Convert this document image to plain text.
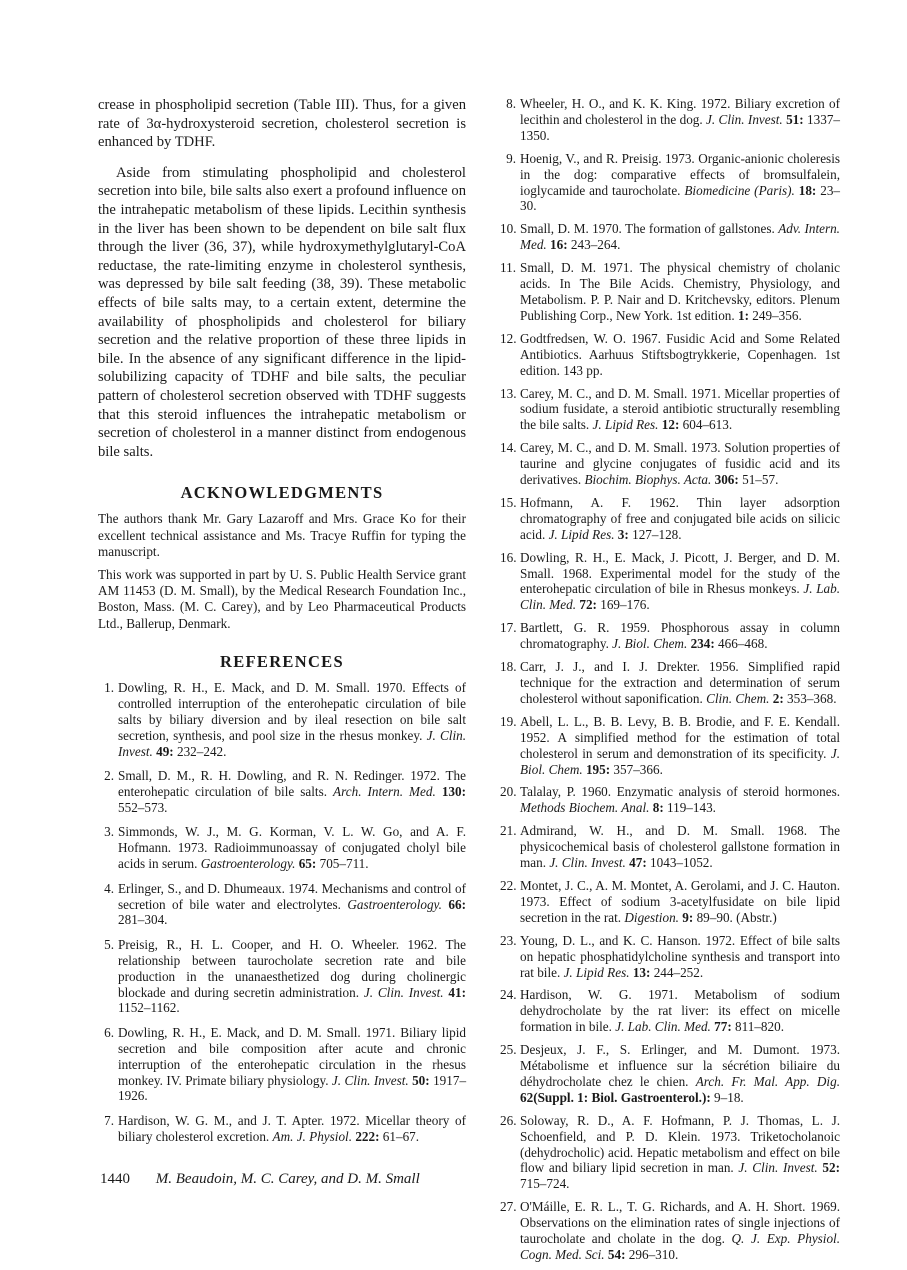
crease in phospholipid secretion (Table III). Thus, for a given rate of 3α-hydroxysteroid secretion, cholesterol secretion is enhanced by TDHF.

Aside from stimulating phospholipid and cholesterol secretion into bile, bile salts also exert a profound influence on the intrahepatic metabolism of these lipids. Lecithin synthesis in the liver has been shown to be dependent on bile salt flux through the liver (36, 37), while hydroxymethylglutaryl-CoA reductase, the rate-limiting enzyme in cholesterol synthesis, was depressed by bile salt feeding (38, 39). These metabolic effects of bile salts may, to a certain extent, determine the availability of phospholipids and cholesterol for biliary secretion and the relative proportion of these three lipids in bile. In the absence of any significant difference in the lipid-solubilizing capacity of TDHF and bile salts, the peculiar pattern of cholesterol secretion observed with TDHF suggests that this steroid influences the intrahepatic metabolism or secretion of cholesterol in a manner distinct from endogenous bile salts.

ACKNOWLEDGMENTS

The authors thank Mr. Gary Lazaroff and Mrs. Grace Ko for their excellent technical assistance and Ms. Tracye Ruffin for typing the manuscript.

This work was supported in part by U. S. Public Health Service grant AM 11453 (D. M. Small), by the Medical Research Foundation Inc., Boston, Mass. (M. C. Carey), and by Leo Pharmaceutical Products Ltd., Ballerup, Denmark.

REFERENCES
1. Dowling, R. H., E. Mack, and D. M. Small. 1970. Effects of controlled interruption of the enterohepatic circulation of bile salts by biliary diversion and by ileal resection on bile salt secretion, synthesis, and pool size in the rhesus monkey. J. Clin. Invest. 49: 232–242.
2. Small, D. M., R. H. Dowling, and R. N. Redinger. 1972. The enterohepatic circulation of bile salts. Arch. Intern. Med. 130: 552–573.
3. Simmonds, W. J., M. G. Korman, V. L. W. Go, and A. F. Hofmann. 1973. Radioimmunoassay of conjugated cholyl bile acids in serum. Gastroenterology. 65: 705–711.
4. Erlinger, S., and D. Dhumeaux. 1974. Mechanisms and control of secretion of bile water and electrolytes. Gastroenterology. 66: 281–304.
5. Preisig, R., H. L. Cooper, and H. O. Wheeler. 1962. The relationship between taurocholate secretion rate and bile production in the unanaesthetized dog during cholinergic blockade and during secretin administration. J. Clin. Invest. 41: 1152–1162.
6. Dowling, R. H., E. Mack, and D. M. Small. 1971. Biliary lipid secretion and bile composition after acute and chronic interruption of the enterohepatic circulation in the rhesus monkey. IV. Primate biliary physiology. J. Clin. Invest. 50: 1917–1926.
7. Hardison, W. G. M., and J. T. Apter. 1972. Micellar theory of biliary cholesterol excretion. Am. J. Physiol. 222: 61–67.
8. Wheeler, H. O., and K. K. King. 1972. Biliary excretion of lecithin and cholesterol in the dog. J. Clin. Invest. 51: 1337–1350.
9. Hoenig, V., and R. Preisig. 1973. Organic-anionic choleresis in the dog: comparative effects of bromsulfalein, ioglycamide and taurocholate. Biomedicine (Paris). 18: 23–30.
10. Small, D. M. 1970. The formation of gallstones. Adv. Intern. Med. 16: 243–264.
11. Small, D. M. 1971. The physical chemistry of cholanic acids. In The Bile Acids. Chemistry, Physiology, and Metabolism. P. P. Nair and D. Kritchevsky, editors. Plenum Publishing Corp., New York. 1st edition. 1: 249–356.
12. Godtfredsen, W. O. 1967. Fusidic Acid and Some Related Antibiotics. Aarhuus Stiftsbogtrykkerie, Copenhagen. 1st edition. 143 pp.
13. Carey, M. C., and D. M. Small. 1971. Micellar properties of sodium fusidate, a steroid antibiotic structurally resembling the bile salts. J. Lipid Res. 12: 604–613.
14. Carey, M. C., and D. M. Small. 1973. Solution properties of taurine and glycine conjugates of fusidic acid and its derivatives. Biochim. Biophys. Acta. 306: 51–57.
15. Hofmann, A. F. 1962. Thin layer adsorption chromatography of free and conjugated bile acids on silicic acid. J. Lipid Res. 3: 127–128.
16. Dowling, R. H., E. Mack, J. Picott, J. Berger, and D. M. Small. 1968. Experimental model for the study of the enterohepatic circulation of bile in Rhesus monkeys. J. Lab. Clin. Med. 72: 169–176.
17. Bartlett, G. R. 1959. Phosphorous assay in column chromatography. J. Biol. Chem. 234: 466–468.
18. Carr, J. J., and I. J. Drekter. 1956. Simplified rapid technique for the extraction and determination of serum cholesterol without saponification. Clin. Chem. 2: 353–368.
19. Abell, L. L., B. B. Levy, B. B. Brodie, and F. E. Kendall. 1952. A simplified method for the estimation of total cholesterol in serum and demonstration of its specificity. J. Biol. Chem. 195: 357–366.
20. Talalay, P. 1960. Enzymatic analysis of steroid hormones. Methods Biochem. Anal. 8: 119–143.
21. Admirand, W. H., and D. M. Small. 1968. The physicochemical basis of cholesterol gallstone formation in man. J. Clin. Invest. 47: 1043–1052.
22. Montet, J. C., A. M. Montet, A. Gerolami, and J. C. Hauton. 1973. Effect of sodium 3-acetylfusidate on bile lipid secretion in the rat. Digestion. 9: 89–90. (Abstr.)
23. Young, D. L., and K. C. Hanson. 1972. Effect of bile salts on hepatic phosphatidylcholine synthesis and transport into rat bile. J. Lipid Res. 13: 244–252.
24. Hardison, W. G. 1971. Metabolism of sodium dehydrocholate by the rat liver: its effect on micelle formation in bile. J. Lab. Clin. Med. 77: 811–820.
25. Desjeux, J. F., S. Erlinger, and M. Dumont. 1973. Métabolisme et influence sur la sécrétion biliaire du déhydrocholate chez le chien. Arch. Fr. Mal. App. Dig. 62(Suppl. 1: Biol. Gastroenterol.): 9–18.
26. Soloway, R. D., A. F. Hofmann, P. J. Thomas, L. J. Schoenfield, and P. D. Klein. 1973. Triketocholanoic (dehydrocholic) acid. Hepatic metabolism and effect on bile flow and biliary lipid secretion in man. J. Clin. Invest. 52: 715–724.
27. O'Máille, E. R. L., T. G. Richards, and A. H. Short. 1969. Observations on the elimination rates of single injections of taurocholate and cholate in the dog. Q. J. Exp. Physiol. Cogn. Med. Sci. 54: 296–310.
1440 M. Beaudoin, M. C. Carey, and D. M. Small
